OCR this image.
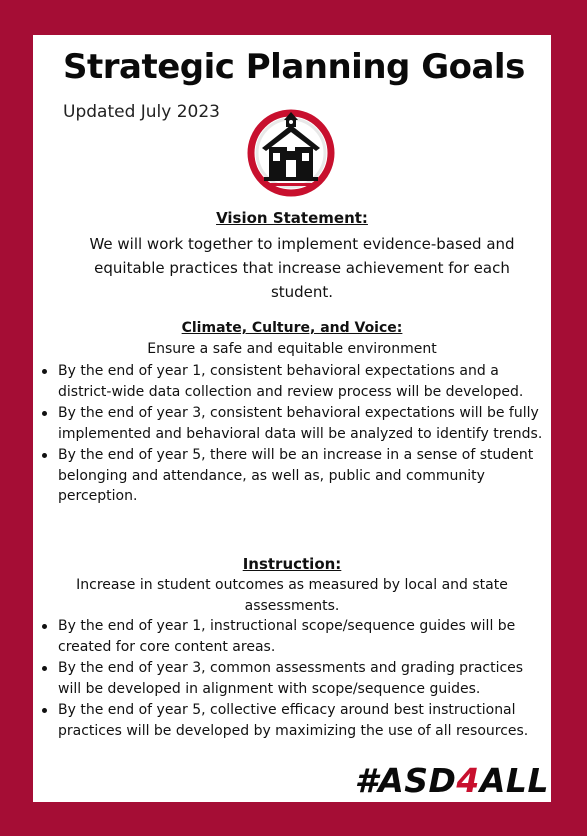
Strategic Planning Goals
Updated July 2023
Vision Statement:

We will work together to implement evidence-based and equitable practices that increase achievement for each student.

Climate, Culture, and Voice:
Ensure a safe and equitable environment
By the end of year 1, consistent behavioral expectations and a district-wide data collection and review process will be developed.
By the end of year 3, consistent behavioral expectations will be fully implemented and behavioral data will be analyzed to identify trends.
By the end of year 5, there will be an increase in a sense of student belonging and attendance, as well as, public and community perception.
Instruction:
Increase in student outcomes as measured by local and state assessments.
By the end of year 1, instructional scope/sequence guides will be created for core content areas.
By the end of year 3, common assessments and grading practices will be developed in alignment with scope/sequence guides.
By the end of year 5, collective efficacy around best instructional practices will be developed by maximizing the use of all resources.
#ASD4ALL
